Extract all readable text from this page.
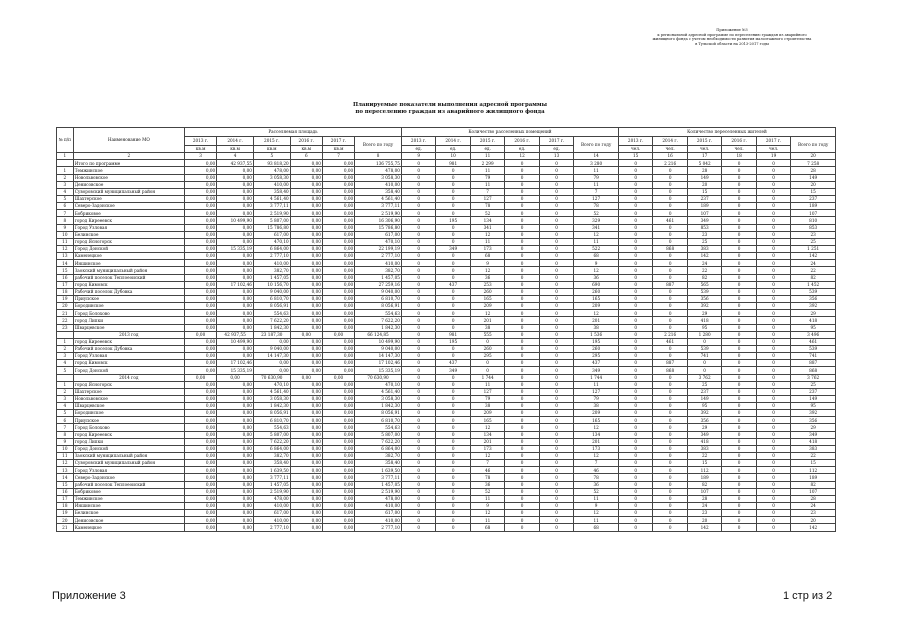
Приложение №3
к региональной адресной программе по переселению граждан из аварийного
жилищного фонда с учетом необходимости развития малоэтажного строительства
в Тульской области на 2013-2017 годы
Планируемые показатели выполнения адресной программы
по переселению граждан из аварийного жилищного фонда
№ п/п	Наименование МО	Расселяемая площадь						Количество расселенных помещений						Количество переселенных жителей					
		2013 г.	2014 г.	2015 г.	2016 г.	2017 г.	Всего по году	2013 г.	2014 г.	2015 г.	2016 г.	2017 г.	Всего по году	2013 г.	2014 г.	2015 г.	2016 г.	2017 г.	Всего по году
		кв.м	кв.м	кв.м	кв.м	кв.м		ед.	ед.	ед.	ед.	ед.		чел.	чел.	чел.	чел.	чел.	
1	2	3	4	5	6	7	8	9	10	11	12	13	14	15	16	17	18	19	20
	Итого по программе	0,00	42 937,55	93 818,20	0,00	0,00	136 755,75	0	981	2 299	0	0	3 280	0	2 216	5 042	0	0	7 258
1	Темжинское	0,00	0,00	478,00	0,00	0,00	478,00	0	0	11	0	0	11	0	0	28	0	0	28
2	Новольвовское	0,00	0,00	3 058,30	0,00	0,00	3 058,30	0	0	79	0	0	79	0	0	149	0	0	149
3	Денисовское	0,00	0,00	410,00	0,00	0,00	410,00	0	0	11	0	0	11	0	0	20	0	0	20
4	Суворовский муниципальный район	0,00	0,00	358,40	0,00	0,00	358,40	0	0	7	0	0	7	0	0	15	0	0	15
5	Шахтерское	0,00	0,00	4 561,40	0,00	0,00	4 561,40	0	0	127	0	0	127	0	0	237	0	0	237
6	Северо-Задонское	0,00	0,00	3 777,11	0,00	0,00	3 777,11	0	0	78	0	0	78	0	0	189	0	0	189
7	Бобриковое	0,00	0,00	2 519,90	0,00	0,00	2 519,90	0	0	52	0	0	52	0	0	107	0	0	107
8	город Кирееевск	0,00	10 499,90	5 807,00	0,00	0,00	16 306,90	0	195	134	0	0	329	0	461	349	0	0	810
9	Город Узловая	0,00	0,00	15 786,80	0,00	0,00	15 786,80	0	0	341	0	0	341	0	0	853	0	0	853
10	Белинское	0,00	0,00	617,00	0,00	0,00	617,00	0	0	12	0	0	12	0	0	23	0	0	23
11	город Ясногорск	0,00	0,00	470,10	0,00	0,00	470,10	0	0	11	0	0	11	0	0	25	0	0	25
12	Город Донской	0,00	15 335,19	6 864,00	0,00	0,00	22 199,19	0	349	173	0	0	522	0	868	383	0	0	1 251
13	Каменецкое	0,00	0,00	2 777,10	0,00	0,00	2 777,10	0	0	68	0	0	68	0	0	142	0	0	142
14	Иншинское	0,00	0,00	410,00	0,00	0,00	410,00	0	0	9	0	0	9	0	0	24	0	0	24
15	Заокский муниципальный район	0,00	0,00	382,70	0,00	0,00	382,70	0	0	12	0	0	12	0	0	22	0	0	22
16	рабочий поселок Теплоеоиский	0,00	0,00	1 457,05	0,00	0,00	1 457,05	0	0	36	0	0	36	0	0	82	0	0	82
17	город Кимовск	0,00	17 102,46	10 156,70	0,00	0,00	27 259,16	0	437	253	0	0	690	0	887	565	0	0	1 452
18	Рабочий поселок Дубовка	0,00	0,00	9 040,00	0,00	0,00	9 040,00	0	0	260	0	0	260	0	0	539	0	0	539
19	Приупское	0,00	0,00	6 810,70	0,00	0,00	6 810,70	0	0	165	0	0	165	0	0	356	0	0	356
20	Бородинское	0,00	0,00	8 056,91	0,00	0,00	8 056,91	0	0	209	0	0	209	0	0	392	0	0	392
21	Город Болохово	0,00	0,00	554,63	0,00	0,00	554,63	0	0	12	0	0	12	0	0	29	0	0	29
22	город Липки	0,00	0,00	7 622,20	0,00	0,00	7 622,20	0	0	201	0	0	201	0	0	418	0	0	418
23	Шварцевское	0,00	0,00	1 842,30	0,00	0,00	1 842,30	0	0	38	0	0	38	0	0	95	0	0	95
	2013 год	0,00	42 937,55	23 187,30	0,00	0,00	66 124,85	0	981	555	0	0	1 536	0	2 216	1 280	0	0	3 496
1	город Кирееевск	0,00	10 499,90	0,00	0,00	0,00	10 499,90	0	195	0	0	0	195	0	461	0	0	0	461
2	Рабочий поселок Дубовка	0,00	0,00	9 040,00	0,00	0,00	9 040,00	0	0	260	0	0	260	0	0	539	0	0	539
3	Город Узловая	0,00	0,00	14 147,30	0,00	0,00	14 147,30	0	0	295	0	0	295	0	0	741	0	0	741
4	город Кимовск	0,00	17 102,46	0,00	0,00	0,00	17 102,46	0	437	0	0	0	437	0	887	0	0	0	887
5	Город Донской	0,00	15 335,19	0,00	0,00	0,00	15 335,19	0	349	0	0	0	349	0	868	0	0	0	868
	2014 год	0,00	0,00	70 630,90	0,00	0,00	70 630,90	0	0	1 744	0	0	1 744	0	0	3 762	0	0	3 762
1	город Ясногорск	0,00	0,00	470,10	0,00	0,00	470,10	0	0	11	0	0	11	0	0	25	0	0	25
2	Шахтерское	0,00	0,00	4 561,40	0,00	0,00	4 561,40	0	0	127	0	0	127	0	0	237	0	0	237
3	Новольвовское	0,00	0,00	3 058,30	0,00	0,00	3 058,30	0	0	79	0	0	79	0	0	149	0	0	149
4	Шварцевское	0,00	0,00	1 842,30	0,00	0,00	1 842,30	0	0	38	0	0	38	0	0	95	0	0	95
5	Бородинское	0,00	0,00	8 056,91	0,00	0,00	8 056,91	0	0	209	0	0	209	0	0	392	0	0	392
6	Приупское	0,00	0,00	6 810,70	0,00	0,00	6 810,70	0	0	165	0	0	165	0	0	356	0	0	356
7	Город Болохово	0,00	0,00	554,63	0,00	0,00	554,63	0	0	12	0	0	12	0	0	29	0	0	29
8	город Кирееевск	0,00	0,00	5 807,00	0,00	0,00	5 807,00	0	0	134	0	0	134	0	0	349	0	0	349
9	город Липки	0,00	0,00	7 622,20	0,00	0,00	7 622,20	0	0	201	0	0	201	0	0	418	0	0	418
10	Город Донской	0,00	0,00	6 864,00	0,00	0,00	6 864,00	0	0	173	0	0	173	0	0	383	0	0	383
11	Заокский муниципальный район	0,00	0,00	382,70	0,00	0,00	382,70	0	0	12	0	0	12	0	0	22	0	0	22
12	Суворовский муниципальный район	0,00	0,00	358,40	0,00	0,00	358,40	0	0	7	0	0	7	0	0	15	0	0	15
13	Город Узловая	0,00	0,00	1 639,50	0,00	0,00	1 639,50	0	0	46	0	0	46	0	0	112	0	0	112
14	Северо-Задонское	0,00	0,00	3 777,11	0,00	0,00	3 777,11	0	0	78	0	0	78	0	0	189	0	0	189
15	рабочий поселок Теплоеоиский	0,00	0,00	1 457,05	0,00	0,00	1 457,05	0	0	36	0	0	36	0	0	82	0	0	82
16	Бобриковое	0,00	0,00	2 519,90	0,00	0,00	2 519,90	0	0	52	0	0	52	0	0	107	0	0	107
17	Темжинское	0,00	0,00	478,00	0,00	0,00	478,00	0	0	11	0	0	11	0	0	28	0	0	28
18	Иншинское	0,00	0,00	410,00	0,00	0,00	410,00	0	0	9	0	0	9	0	0	24	0	0	24
19	Белинское	0,00	0,00	617,00	0,00	0,00	617,00	0	0	12	0	0	12	0	0	23	0	0	23
20	Денисовское	0,00	0,00	410,00	0,00	0,00	410,00	0	0	11	0	0	11	0	0	20	0	0	20
21	Каменецкое	0,00	0,00	2 777,10	0,00	0,00	2 777,10	0	0	68	0	0	68	0	0	142	0	0	142
Приложение 3	1 стр из 2
